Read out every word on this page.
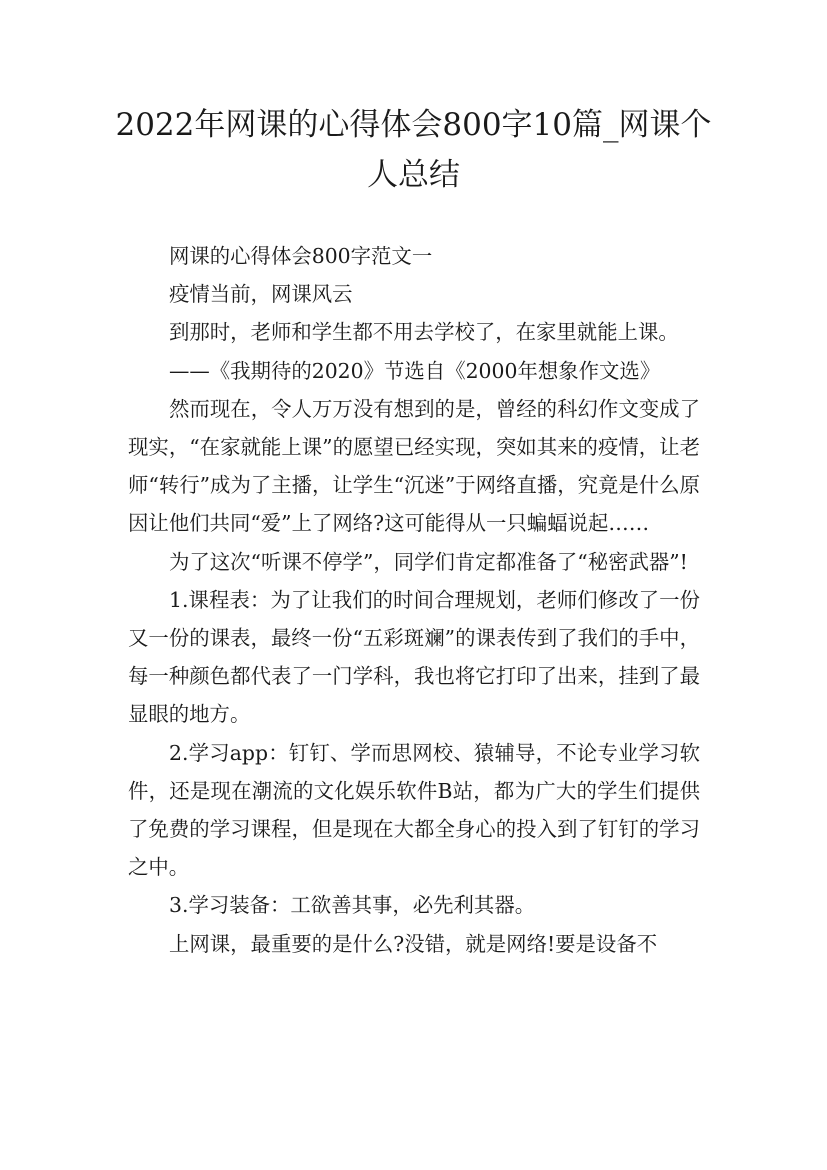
2022年网课的心得体会800字10篇_网课个人总结

网课的心得体会800字范文一

疫情当前，网课风云

到那时，老师和学生都不用去学校了，在家里就能上课。

——《我期待的2020》节选自《2000年想象作文选》

然而现在，令人万万没有想到的是，曾经的科幻作文变成了现实，“在家就能上课”的愿望已经实现，突如其来的疫情，让老师“转行”成为了主播，让学生“沉迷”于网络直播，究竟是什么原因让他们共同“爱”上了网络?这可能得从一只蝙蝠说起……

为了这次“听课不停学”，同学们肯定都准备了“秘密武器”!

1.课程表：为了让我们的时间合理规划，老师们修改了一份又一份的课表，最终一份“五彩斑斓”的课表传到了我们的手中，每一种颜色都代表了一门学科，我也将它打印了出来，挂到了最显眼的地方。

2.学习app：钉钉、学而思网校、猿辅导，不论专业学习软件，还是现在潮流的文化娱乐软件B站，都为广大的学生们提供了免费的学习课程，但是现在大都全身心的投入到了钉钉的学习之中。

3.学习装备：工欲善其事，必先利其器。

上网课，最重要的是什么?没错，就是网络!要是设备不
